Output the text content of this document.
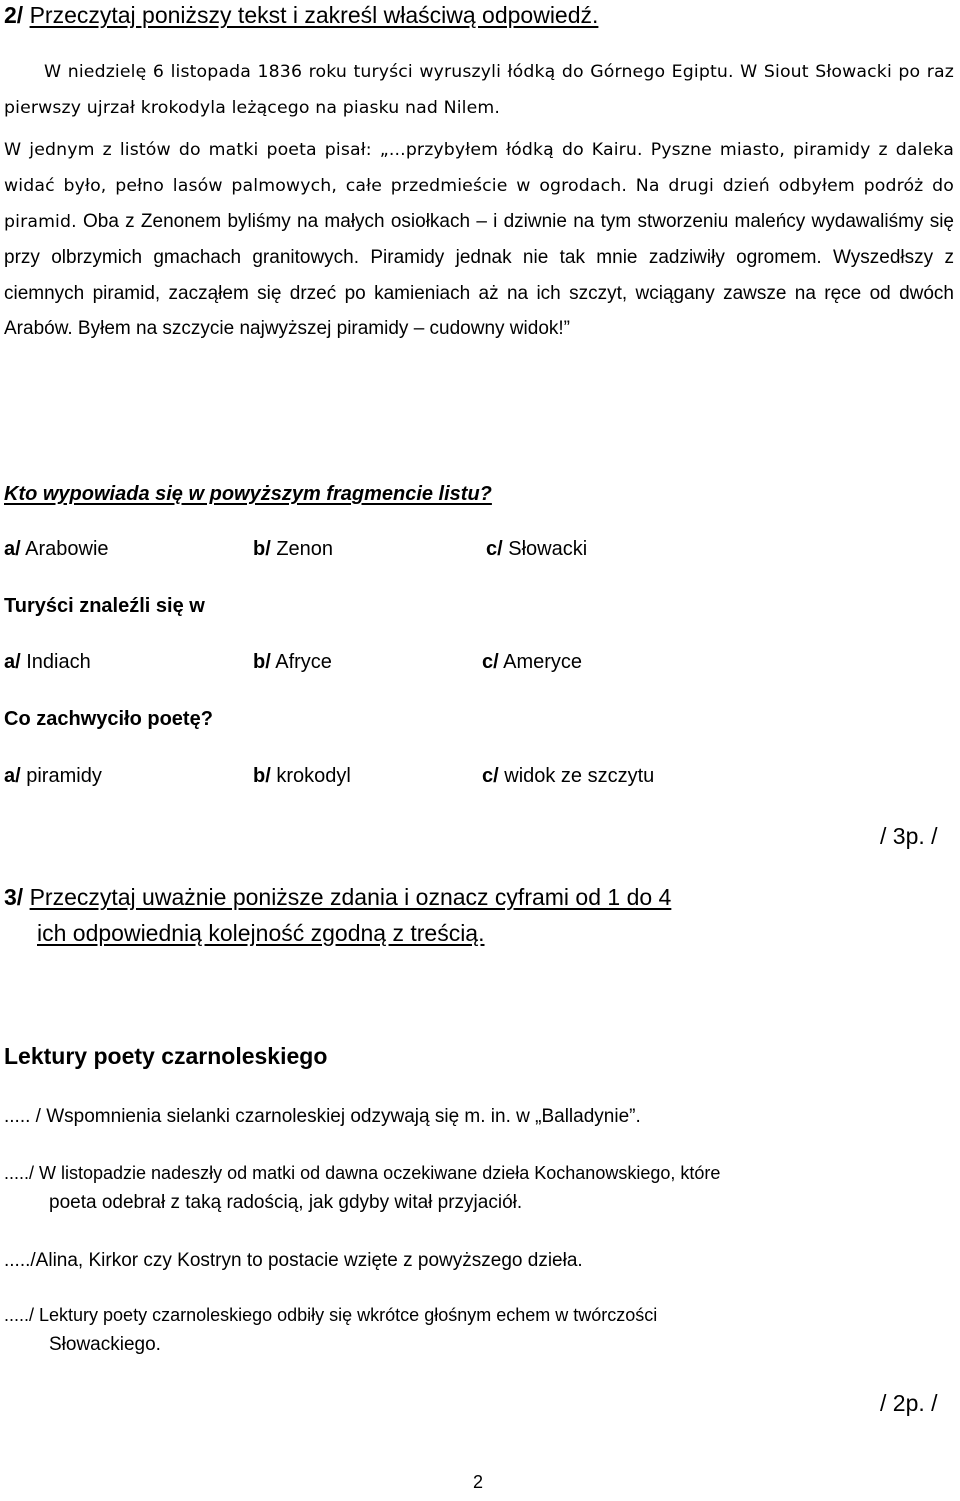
2/ Przeczytaj poniższy tekst i zakreśl właściwą odpowiedź.

W niedzielę 6 listopada 1836 roku turyści wyruszyli łódką do Górnego Egiptu. W Siout Słowacki po raz pierwszy ujrzał krokodyla leżącego na piasku nad Nilem.

W jednym z listów do matki poeta pisał: „...przybyłem łódką do Kairu. Pyszne miasto, piramidy z daleka widać było, pełno lasów palmowych, całe przedmieście w ogrodach. Na drugi dzień odbyłem podróż do piramid. Oba z Zenonem byliśmy na małych osiołkach – i dziwnie na tym stworzeniu maleńcy wydawaliśmy się przy olbrzymich gmachach granitowych. Piramidy jednak nie tak mnie zadziwiły ogromem. Wyszedłszy z ciemnych piramid, zacząłem się drzeć po kamieniach aż na ich szczyt, wciągany zawsze na ręce od dwóch Arabów. Byłem na szczycie najwyższej piramidy – cudowny widok!”

Kto wypowiada się w powyższym fragmencie listu?
a/ Arabowie	b/ Zenon	c/ Słowacki
Turyści znaleźli się w
a/ Indiach	b/ Afryce	c/ Ameryce
Co zachwyciło poetę?
a/ piramidy	b/ krokodyl	c/ widok ze szczytu
/ 3p. /
3/ Przeczytaj uważnie poniższe zdania i oznacz cyframi od 1 do 4
ich odpowiednią kolejność zgodną z treścią.
Lektury poety czarnoleskiego
..... / Wspomnienia sielanki czarnoleskiej odzywają się m. in. w „Balladynie”.
...../ W listopadzie nadeszły od matki od dawna oczekiwane dzieła Kochanowskiego, które
poeta odebrał z taką radością, jak gdyby witał przyjaciół.
...../Alina, Kirkor czy Kostryn to postacie wzięte z powyższego dzieła.
...../ Lektury poety czarnoleskiego odbiły się wkrótce głośnym echem w twórczości
Słowackiego.
/ 2p. /
2
